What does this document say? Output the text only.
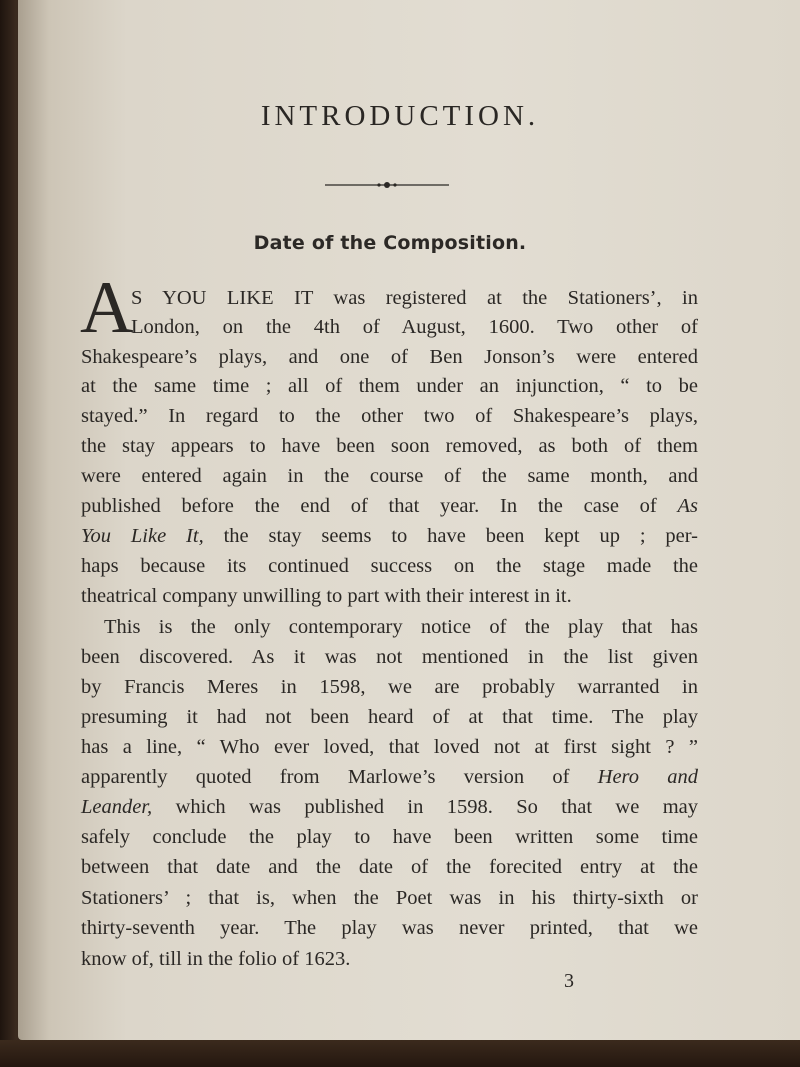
INTRODUCTION.
Date of the Composition.
A
S YOU LIKE IT was registered at the Stationers’, in
London, on the 4th of August, 1600. Two other of
Shakespeare’s plays, and one of Ben Jonson’s were entered
at the same time ; all of them under an injunction, “ to be
stayed.” In regard to the other two of Shakespeare’s plays,
the stay appears to have been soon removed, as both of them
were entered again in the course of the same month, and
published before the end of that year. In the case of As
You Like It, the stay seems to have been kept up ; per-
haps because its continued success on the stage made the
theatrical company unwilling to part with their interest in it.
This is the only contemporary notice of the play that has
been discovered. As it was not mentioned in the list given
by Francis Meres in 1598, we are probably warranted in
presuming it had not been heard of at that time. The play
has a line, “ Who ever loved, that loved not at first sight ? ”
apparently quoted from Marlowe’s version of Hero and
Leander, which was published in 1598. So that we may
safely conclude the play to have been written some time
between that date and the date of the forecited entry at the
Stationers’ ; that is, when the Poet was in his thirty-sixth or
thirty-seventh year. The play was never printed, that we
know of, till in the folio of 1623.
3
